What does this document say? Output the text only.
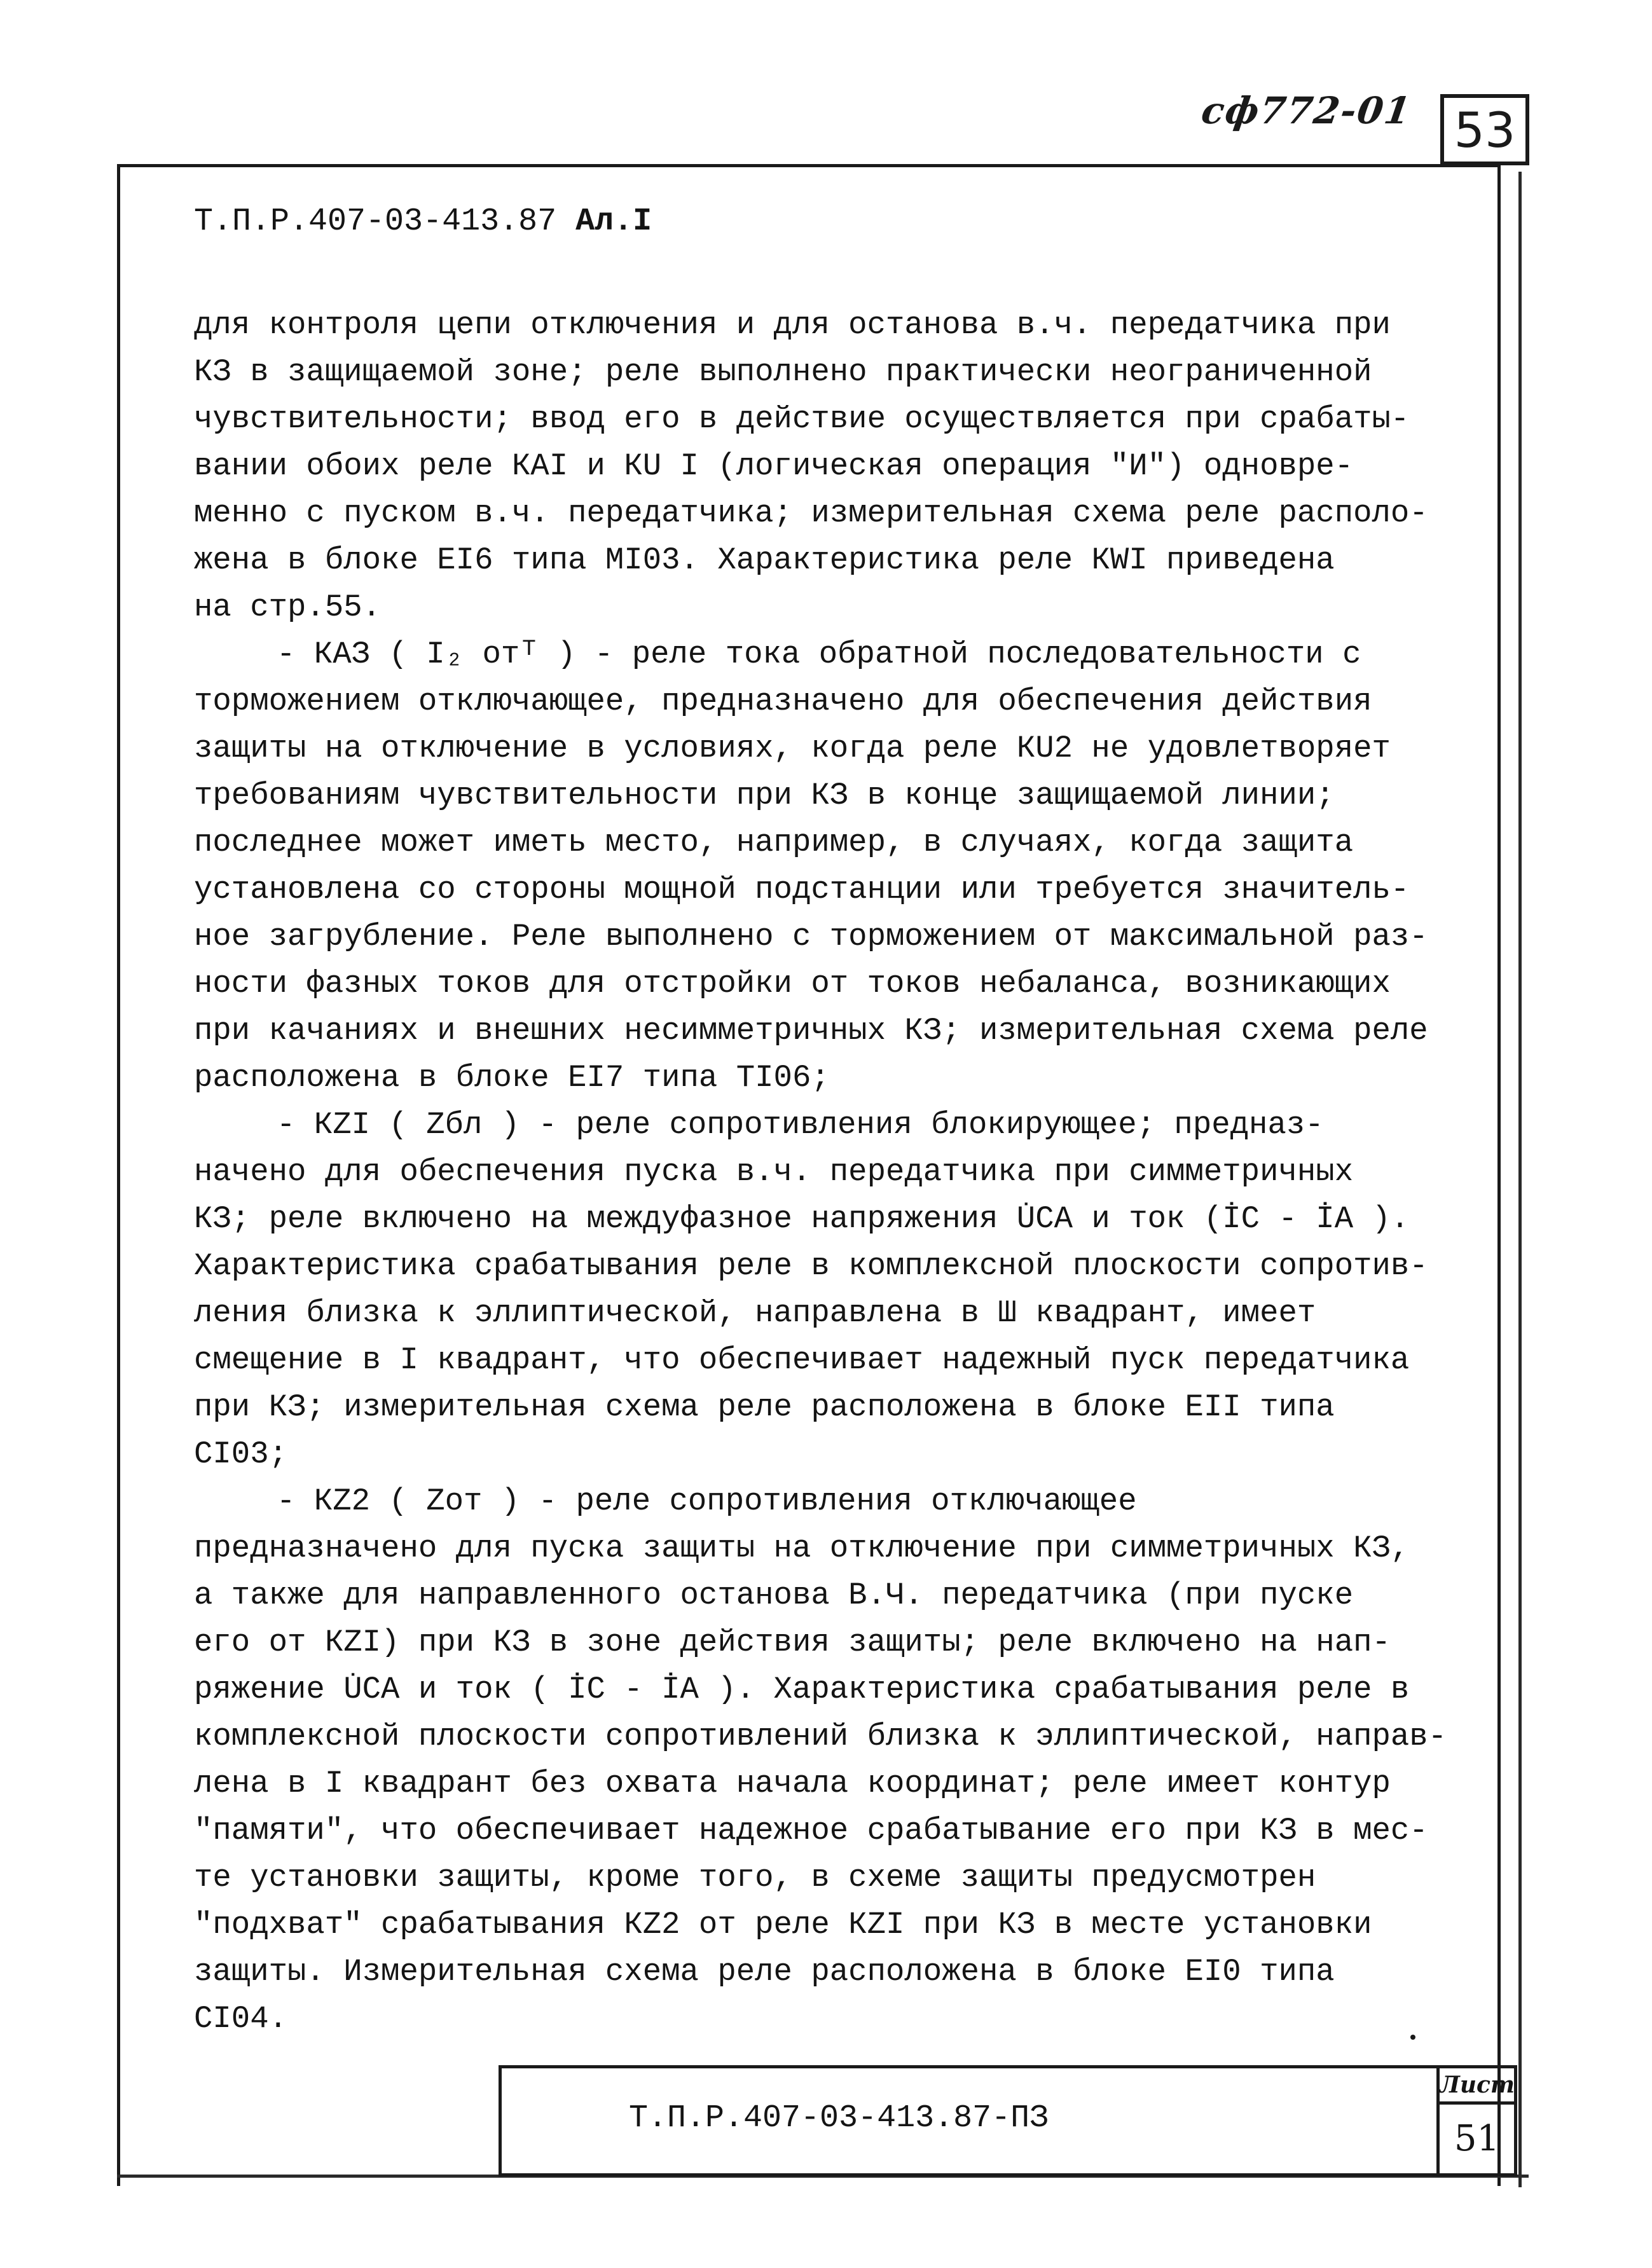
сф772-01 53
Т.П.Р.407-03-413.87 Ал.I
для контроля цепи отключения и для останова в.ч. передатчика при
КЗ в защищаемой зоне; реле выполнено практически неограниченной
чувствительности; ввод его в действие осуществляется при срабаты-
вании обоих реле КАI и КU I (логическая операция "И") одновре-
менно с пуском в.ч. передатчика; измерительная схема реле располо-
жена в блоке ЕI6 типа МI03. Характеристика реле КWI приведена
на стр.55.
- КАЗ ( I₂ отᵀ ) - реле тока обратной последовательности с
торможением отключающее, предназначено для обеспечения действия
защиты на отключение в условиях, когда реле КU2 не удовлетворяет
требованиям чувствительности при КЗ в конце защищаемой линии;
последнее может иметь место, например, в случаях, когда защита
установлена со стороны мощной подстанции или требуется значитель-
ное загрубление. Реле выполнено с торможением от максимальной раз-
ности фазных токов для отстройки от токов небаланса, возникающих
при качаниях и внешних несимметричных КЗ; измерительная схема реле
расположена в блоке ЕI7 типа ТI06;
- КZI ( Zбл ) - реле сопротивления блокирующее; предназ-
начено для обеспечения пуска в.ч. передатчика при симметричных
КЗ; реле включено на междуфазное напряжения U̇CA и ток (İC - İA ).
Характеристика срабатывания реле в комплексной плоскости сопротив-
ления близка к эллиптической, направлена в Ш квадрант, имеет
смещение в I квадрант, что обеспечивает надежный пуск передатчика
при КЗ; измерительная схема реле расположена в блоке ЕII типа
СI03;
- КZ2 ( Zот ) - реле сопротивления отключающее
предназначено для пуска защиты на отключение при симметричных КЗ,
а также для направленного останова В.Ч. передатчика (при пуске
его от КZI) при КЗ в зоне действия защиты; реле включено на нап-
ряжение U̇CA и ток ( İC - İA ). Характеристика срабатывания реле в
комплексной плоскости сопротивлений близка к эллиптической, направ-
лена в I квадрант без охвата начала координат; реле имеет контур
"памяти", что обеспечивает надежное срабатывание его при КЗ в мес-
те установки защиты, кроме того, в схеме защиты предусмотрен
"подхват" срабатывания КZ2 от реле КZI при КЗ в месте установки
защиты. Измерительная схема реле расположена в блоке ЕI0 типа
СI04.
Т.П.Р.407-03-413.87-ПЗ
Лист
51
